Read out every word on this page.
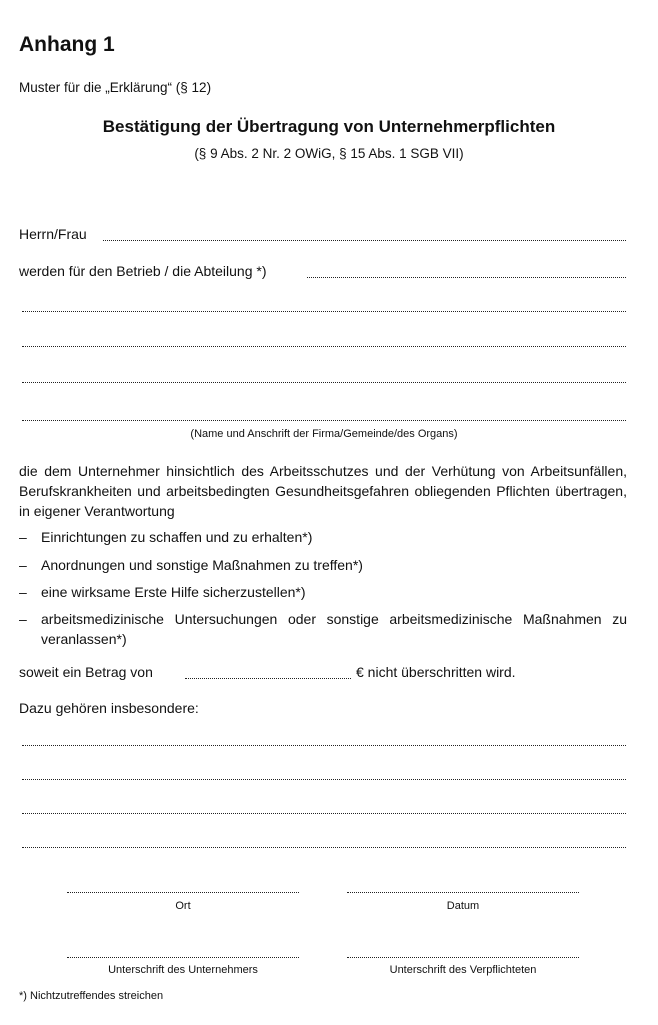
Anhang 1
Muster für die „Erklärung“ (§ 12)
Bestätigung der Übertragung von Unternehmerpflichten
(§ 9 Abs. 2 Nr. 2 OWiG, § 15 Abs. 1 SGB VII)
Herrn/Frau
werden für den Betrieb / die Abteilung *)
(Name und Anschrift der Firma/Gemeinde/des Organs)
die dem Unternehmer hinsichtlich des Arbeitsschutzes und der Verhütung von Arbeitsunfällen, Berufskrankheiten und arbeitsbedingten Gesundheitsgefahren obliegenden Pflichten übertragen, in eigener Verantwortung
– Einrichtungen zu schaffen und zu erhalten*)
– Anordnungen und sonstige Maßnahmen zu treffen*)
– eine wirksame Erste Hilfe sicherzustellen*)
– arbeitsmedizinische Untersuchungen oder sonstige arbeitsmedizinische Maßnahmen zu veranlassen*)
soweit ein Betrag von	€ nicht überschritten wird.
Dazu gehören insbesondere:
Ort	Datum
Unterschrift des Unternehmers	Unterschrift des Verpflichteten
*) Nichtzutreffendes streichen
